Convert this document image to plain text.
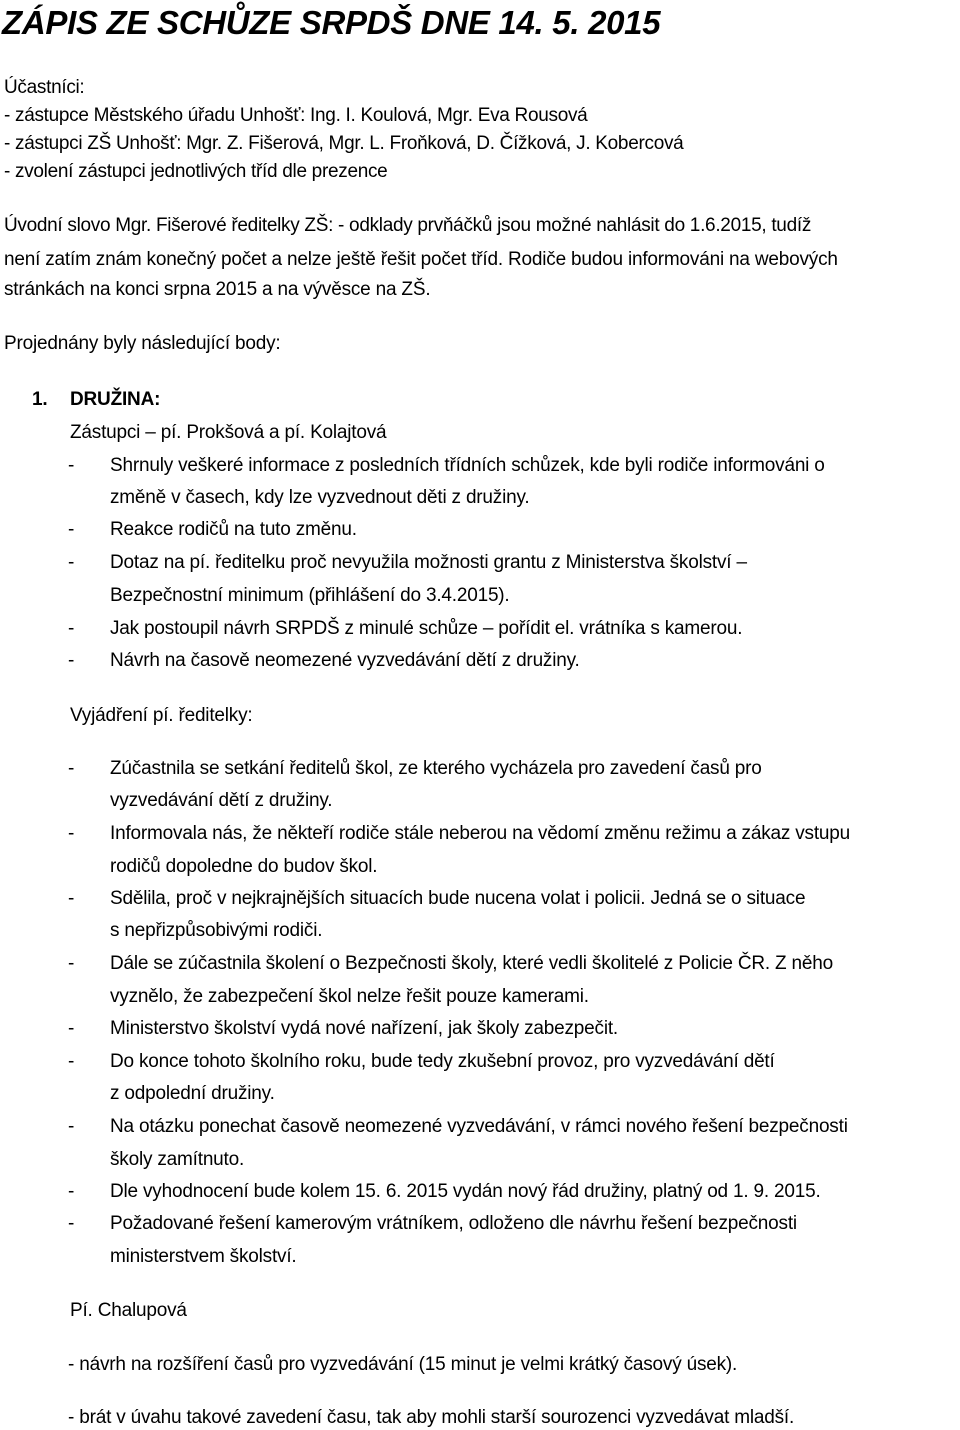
ZÁPIS ZE SCHŮZE SRPDŠ DNE 14. 5. 2015

Účastníci:

- zástupce Městského úřadu Unhošť: Ing. I. Koulová, Mgr. Eva Rousová

- zástupci ZŠ Unhošť: Mgr. Z. Fišerová, Mgr. L. Froňková, D. Čížková, J. Kobercová

- zvolení zástupci jednotlivých tříd dle prezence

Úvodní slovo Mgr. Fišerové ředitelky ZŠ: - odklady prvňáčků jsou možné nahlásit do 1.6.2015, tudíž

není zatím znám konečný počet a nelze ještě řešit počet tříd. Rodiče budou informováni na webových

stránkách na konci srpna 2015 a na vývěsce na ZŠ.

Projednány byly následující body:

1. DRUŽINA:

Zástupci – pí. Prokšová a pí. Kolajtová

- Shrnuly veškeré informace z posledních třídních schůzek, kde byli rodiče informováni o
změně v časech, kdy lze vyzvednout děti z družiny.
- Reakce rodičů na tuto změnu.
- Dotaz na pí. ředitelku proč nevyužila možnosti grantu z Ministerstva školství –
Bezpečnostní minimum (přihlášení do 3.4.2015).
- Jak postoupil návrh SRPDŠ z minulé schůze – pořídit el. vrátníka s kamerou.
- Návrh na časově neomezené vyzvedávání dětí z družiny.

Vyjádření pí. ředitelky:

- Zúčastnila se setkání ředitelů škol, ze kterého vycházela pro zavedení časů pro
vyzvedávání dětí z družiny.
- Informovala nás, že někteří rodiče stále neberou na vědomí změnu režimu a zákaz vstupu
rodičů dopoledne do budov škol.
- Sdělila, proč v nejkrajnějších situacích bude nucena volat i policii. Jedná se o situace
s nepřizpůsobivými rodiči.
- Dále se zúčastnila školení o Bezpečnosti školy, které vedli školitelé z Policie ČR. Z něho
vyznělo, že zabezpečení škol nelze řešit pouze kamerami.
- Ministerstvo školství vydá nové nařízení, jak školy zabezpečit.
- Do konce tohoto školního roku, bude tedy zkušební provoz, pro vyzvedávání dětí
z odpolední družiny.
- Na otázku ponechat časově neomezené vyzvedávání, v rámci nového řešení bezpečnosti
školy zamítnuto.
- Dle vyhodnocení bude kolem 15. 6. 2015 vydán nový řád družiny, platný od 1. 9. 2015.
- Požadované řešení kamerovým vrátníkem, odloženo dle návrhu řešení bezpečnosti
ministerstvem školství.

Pí. Chalupová

- návrh na rozšíření časů pro vyzvedávání (15 minut je velmi krátký časový úsek).

- brát v úvahu takové zavedení času, tak aby mohli starší sourozenci vyzvedávat mladší.
